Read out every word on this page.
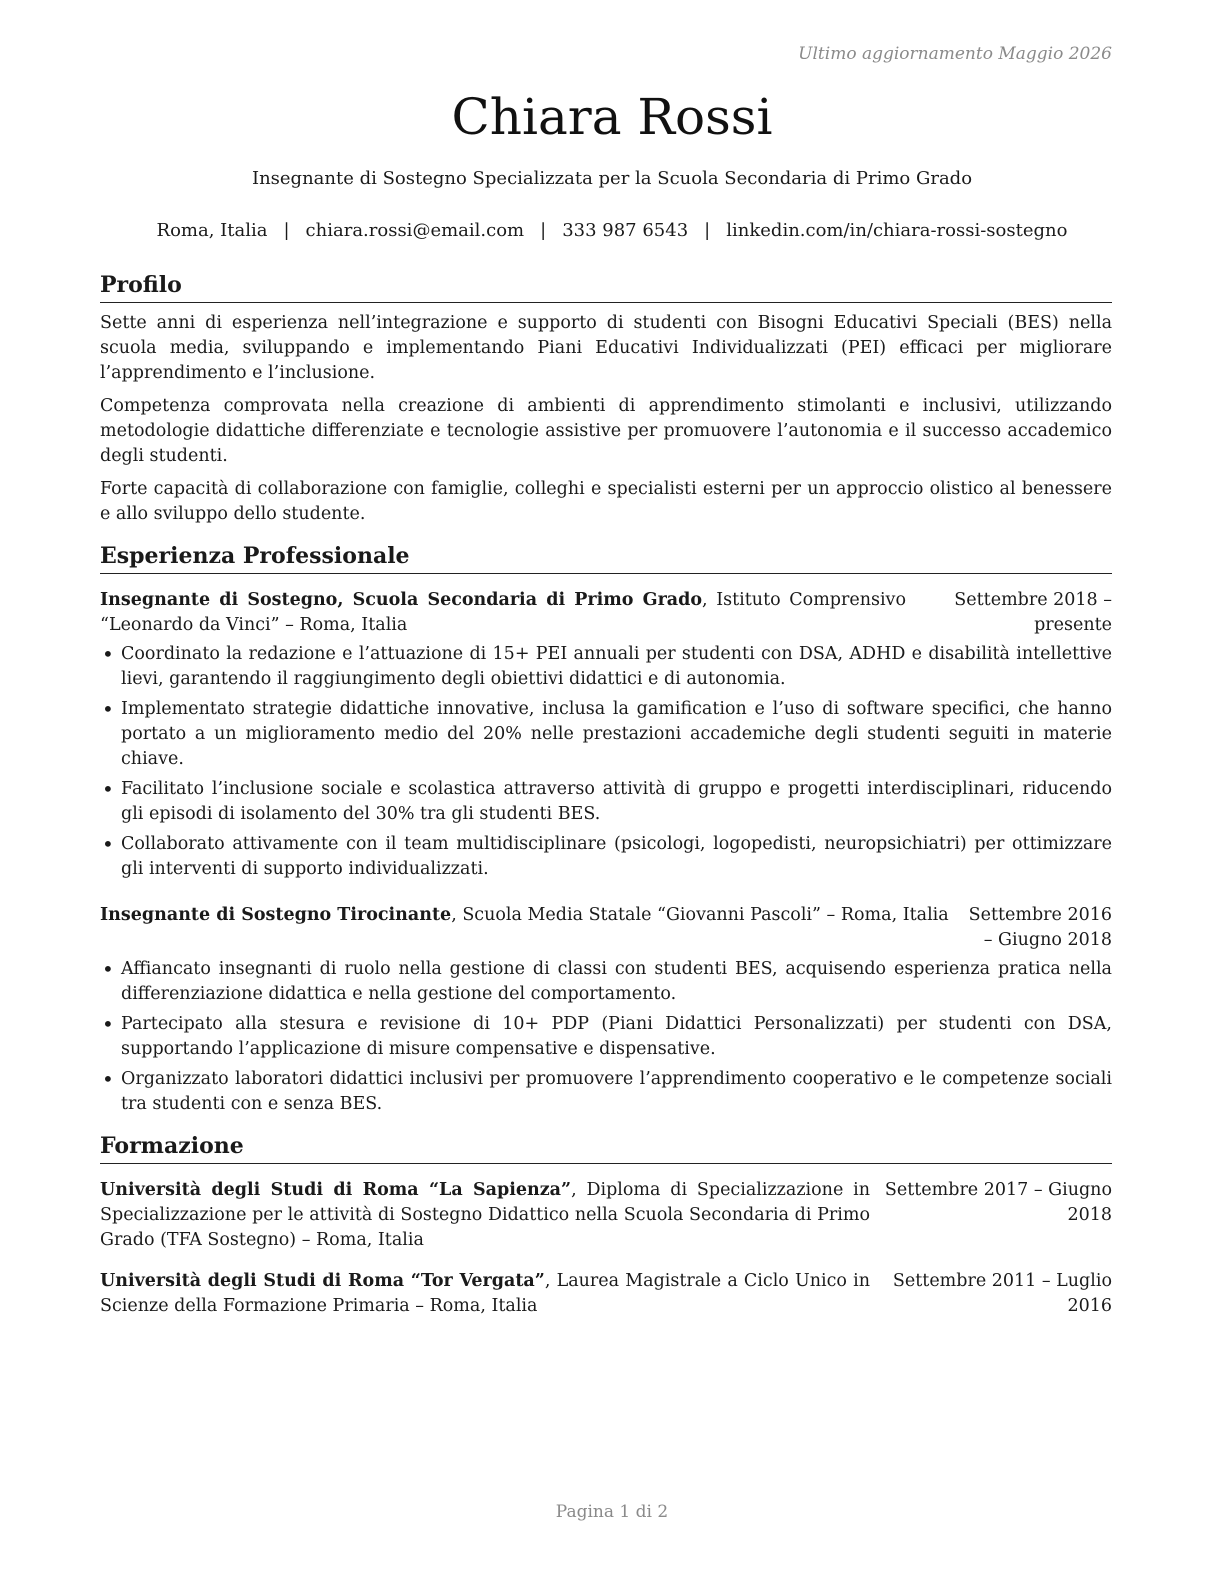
Ultimo aggiornamento Maggio 2026
Chiara Rossi

Insegnante di Sostegno Specializzata per la Scuola Secondaria di Primo Grado

Roma, Italia | chiara.rossi@email.com | 333 987 6543 | linkedin.com/in/chiara-rossi-sostegno

Profilo

Sette anni di esperienza nell’integrazione e supporto di studenti con Bisogni Educativi Speciali (BES) nella scuola media, sviluppando e implementando Piani Educativi Individualizzati (PEI) efficaci per migliorare l’apprendimento e l’inclusione.

Competenza comprovata nella creazione di ambienti di apprendimento stimolanti e inclusivi, utilizzando metodologie didattiche differenziate e tecnologie assistive per promuovere l’autonomia e il successo accademico degli studenti.

Forte capacità di collaborazione con famiglie, colleghi e specialisti esterni per un approccio olistico al benessere e allo sviluppo dello studente.

Esperienza Professionale
Insegnante di Sostegno, Scuola Secondaria di Primo Grado, Istituto Comprensivo “Leonardo da Vinci” – Roma, Italia
Settembre 2018 – presente
• Coordinato la redazione e l’attuazione di 15+ PEI annuali per studenti con DSA, ADHD e disabilità intellettive lievi, garantendo il raggiungimento degli obiettivi didattici e di autonomia.
• Implementato strategie didattiche innovative, inclusa la gamification e l’uso di software specifici, che hanno portato a un miglioramento medio del 20% nelle prestazioni accademiche degli studenti seguiti in materie chiave.
• Facilitato l’inclusione sociale e scolastica attraverso attività di gruppo e progetti interdisciplinari, riducendo gli episodi di isolamento del 30% tra gli studenti BES.
• Collaborato attivamente con il team multidisciplinare (psicologi, logopedisti, neuropsichiatri) per ottimizzare gli interventi di supporto individualizzati.
Insegnante di Sostegno Tirocinante, Scuola Media Statale “Giovanni Pascoli” – Roma, Italia	Settembre 2016 – Giugno 2018
• Affiancato insegnanti di ruolo nella gestione di classi con studenti BES, acquisendo esperienza pratica nella differenziazione didattica e nella gestione del comportamento.
• Partecipato alla stesura e revisione di 10+ PDP (Piani Didattici Personalizzati) per studenti con DSA, supportando l’applicazione di misure compensative e dispensative.
• Organizzato laboratori didattici inclusivi per promuovere l’apprendimento cooperativo e le competenze sociali tra studenti con e senza BES.
Formazione
Università degli Studi di Roma “La Sapienza”, Diploma di Specializzazione in Specializzazione per le attività di Sostegno Didattico nella Scuola Secondaria di Primo Grado (TFA Sostegno) – Roma, Italia
Settembre 2017 – Giugno 2018
Università degli Studi di Roma “Tor Vergata”, Laurea Magistrale a Ciclo Unico in Scienze della Formazione Primaria – Roma, Italia
Settembre 2011 – Luglio 2016
Pagina 1 di 2
